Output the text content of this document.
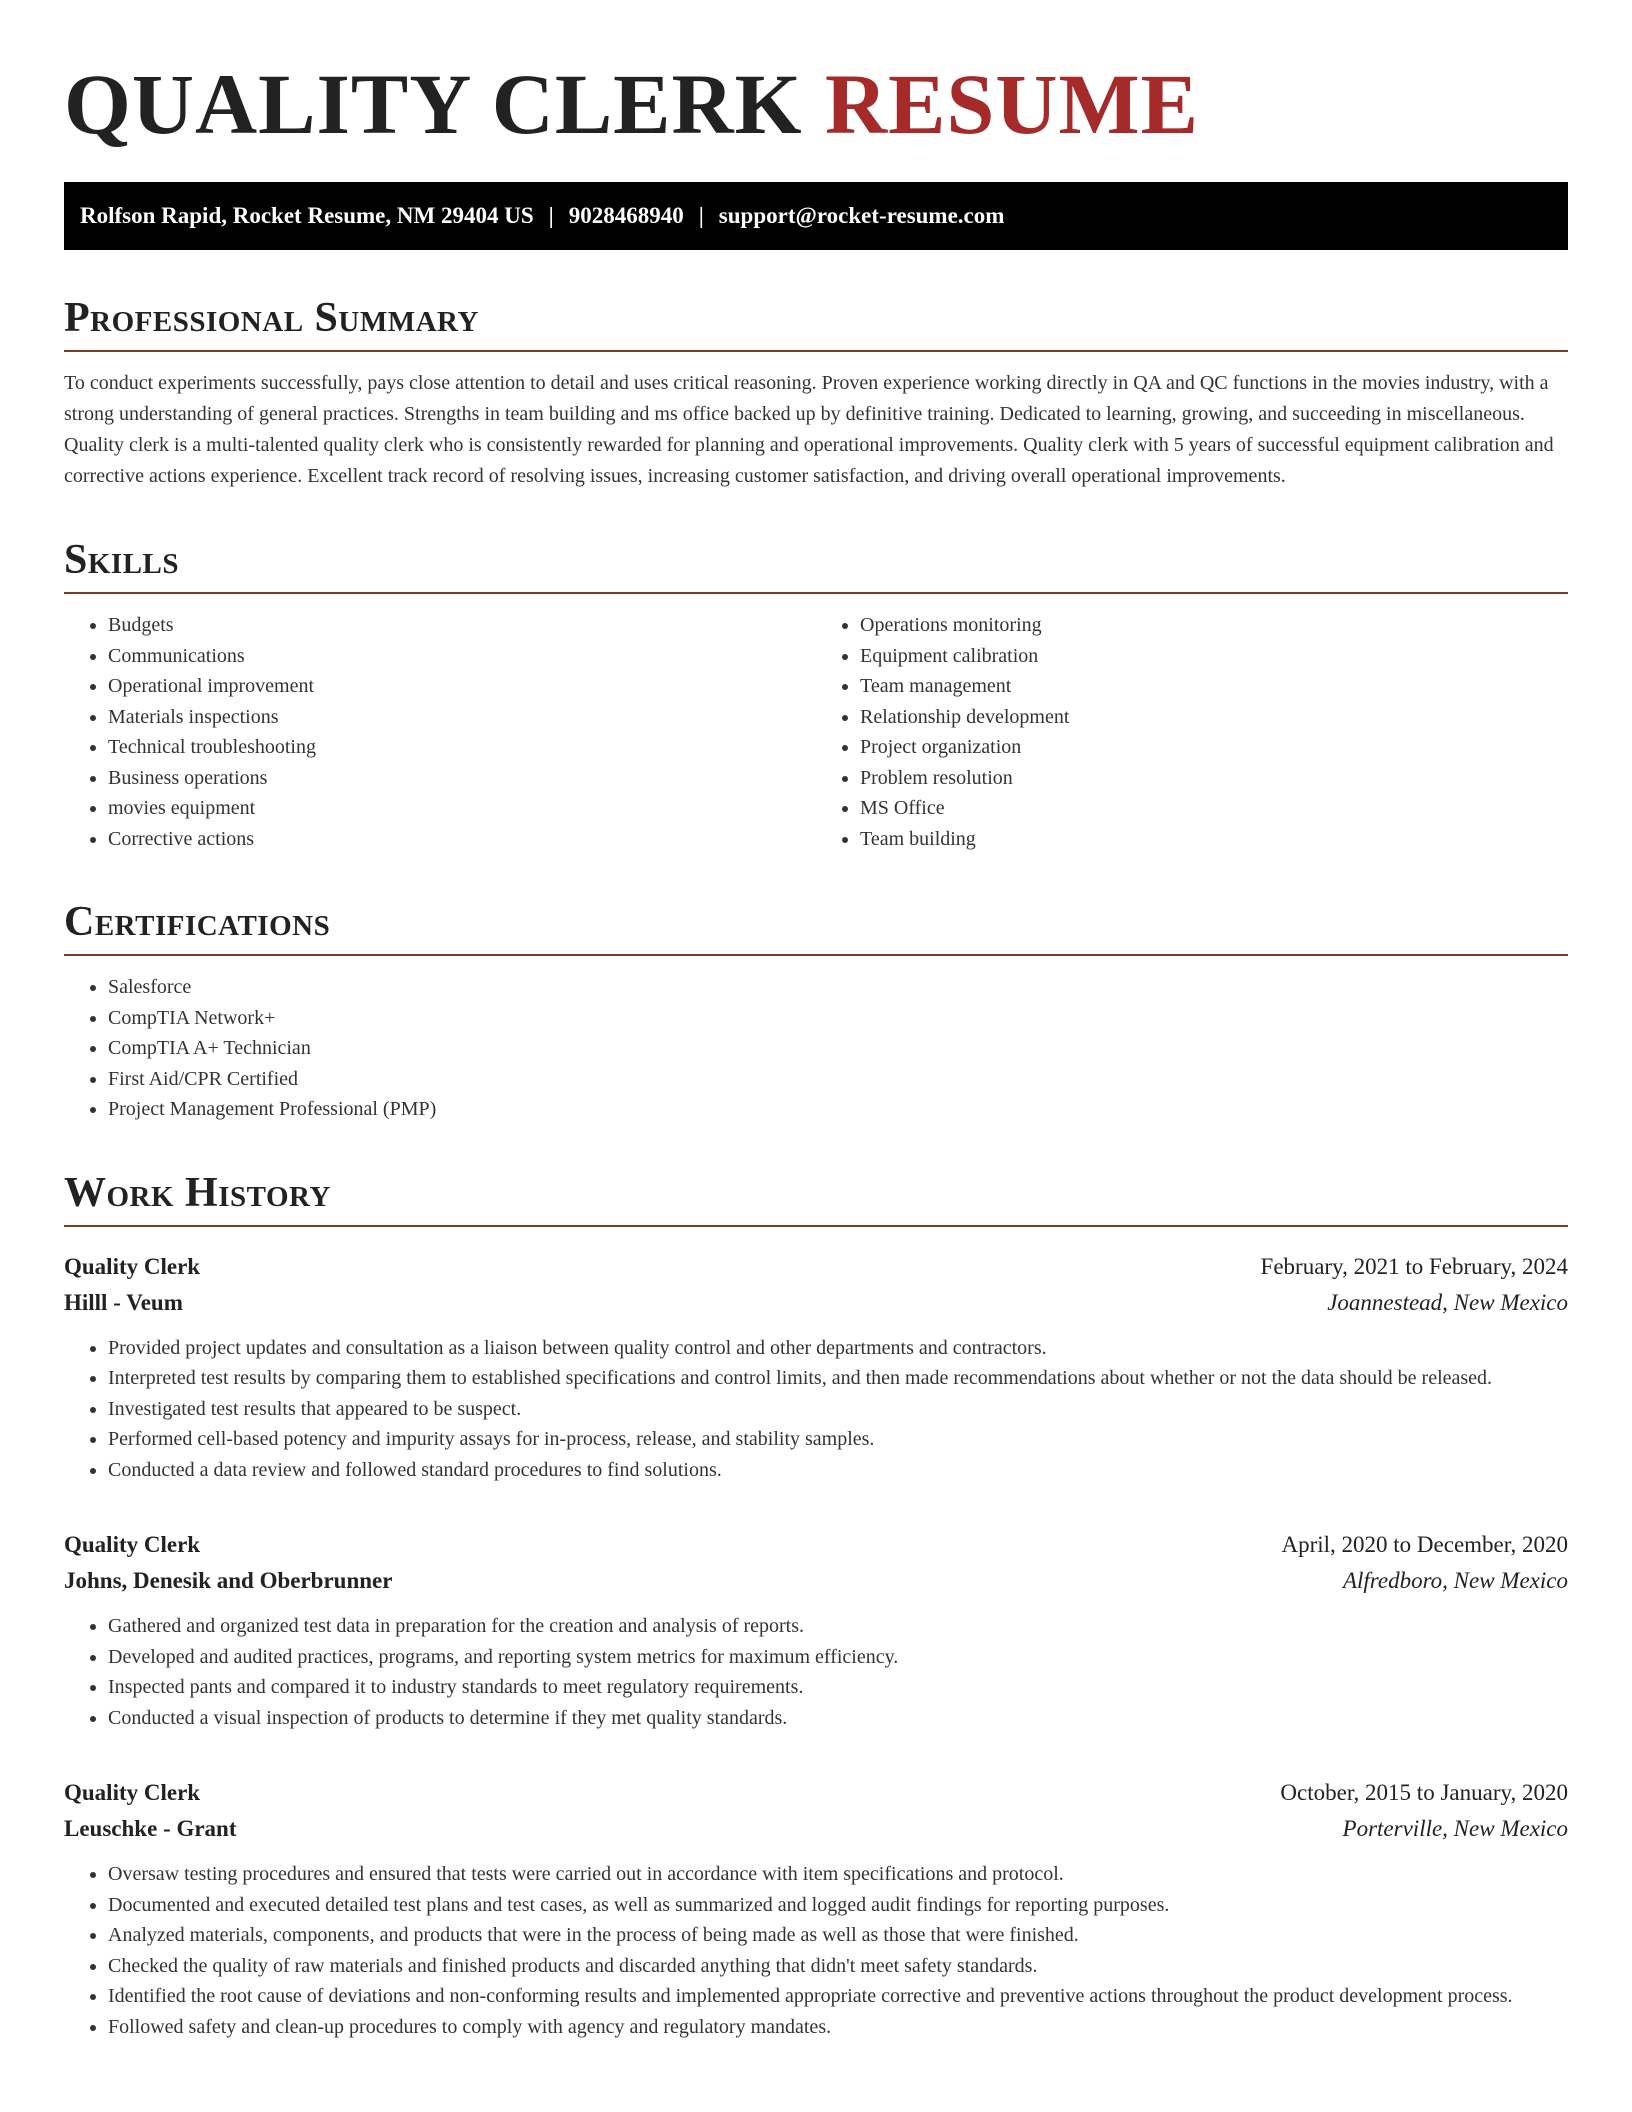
QUALITY CLERK RESUME
Rolfson Rapid, Rocket Resume, NM 29404 US | 9028468940 | support@rocket-resume.com
Professional Summary

To conduct experiments successfully, pays close attention to detail and uses critical reasoning. Proven experience working directly in QA and QC functions in the movies industry, with a strong understanding of general practices. Strengths in team building and ms office backed up by definitive training. Dedicated to learning, growing, and succeeding in miscellaneous. Quality clerk is a multi-talented quality clerk who is consistently rewarded for planning and operational improvements. Quality clerk with 5 years of successful equipment calibration and corrective actions experience. Excellent track record of resolving issues, increasing customer satisfaction, and driving overall operational improvements.

Skills
• Budgets
• Communications
• Operational improvement
• Materials inspections
• Technical troubleshooting
• Business operations
• movies equipment
• Corrective actions
• Operations monitoring
• Equipment calibration
• Team management
• Relationship development
• Project organization
• Problem resolution
• MS Office
• Team building
Certifications
• Salesforce
• CompTIA Network+
• CompTIA A+ Technician
• First Aid/CPR Certified
• Project Management Professional (PMP)
Work History
Quality Clerk	February, 2021 to February, 2024
Hilll - Veum	Joannestead, New Mexico
• Provided project updates and consultation as a liaison between quality control and other departments and contractors.
• Interpreted test results by comparing them to established specifications and control limits, and then made recommendations about whether or not the data should be released.
• Investigated test results that appeared to be suspect.
• Performed cell-based potency and impurity assays for in-process, release, and stability samples.
• Conducted a data review and followed standard procedures to find solutions.
Quality Clerk	April, 2020 to December, 2020
Johns, Denesik and Oberbrunner	Alfredboro, New Mexico
• Gathered and organized test data in preparation for the creation and analysis of reports.
• Developed and audited practices, programs, and reporting system metrics for maximum efficiency.
• Inspected pants and compared it to industry standards to meet regulatory requirements.
• Conducted a visual inspection of products to determine if they met quality standards.
Quality Clerk	October, 2015 to January, 2020
Leuschke - Grant	Porterville, New Mexico
• Oversaw testing procedures and ensured that tests were carried out in accordance with item specifications and protocol.
• Documented and executed detailed test plans and test cases, as well as summarized and logged audit findings for reporting purposes.
• Analyzed materials, components, and products that were in the process of being made as well as those that were finished.
• Checked the quality of raw materials and finished products and discarded anything that didn't meet safety standards.
• Identified the root cause of deviations and non-conforming results and implemented appropriate corrective and preventive actions throughout the product development process.
• Followed safety and clean-up procedures to comply with agency and regulatory mandates.
